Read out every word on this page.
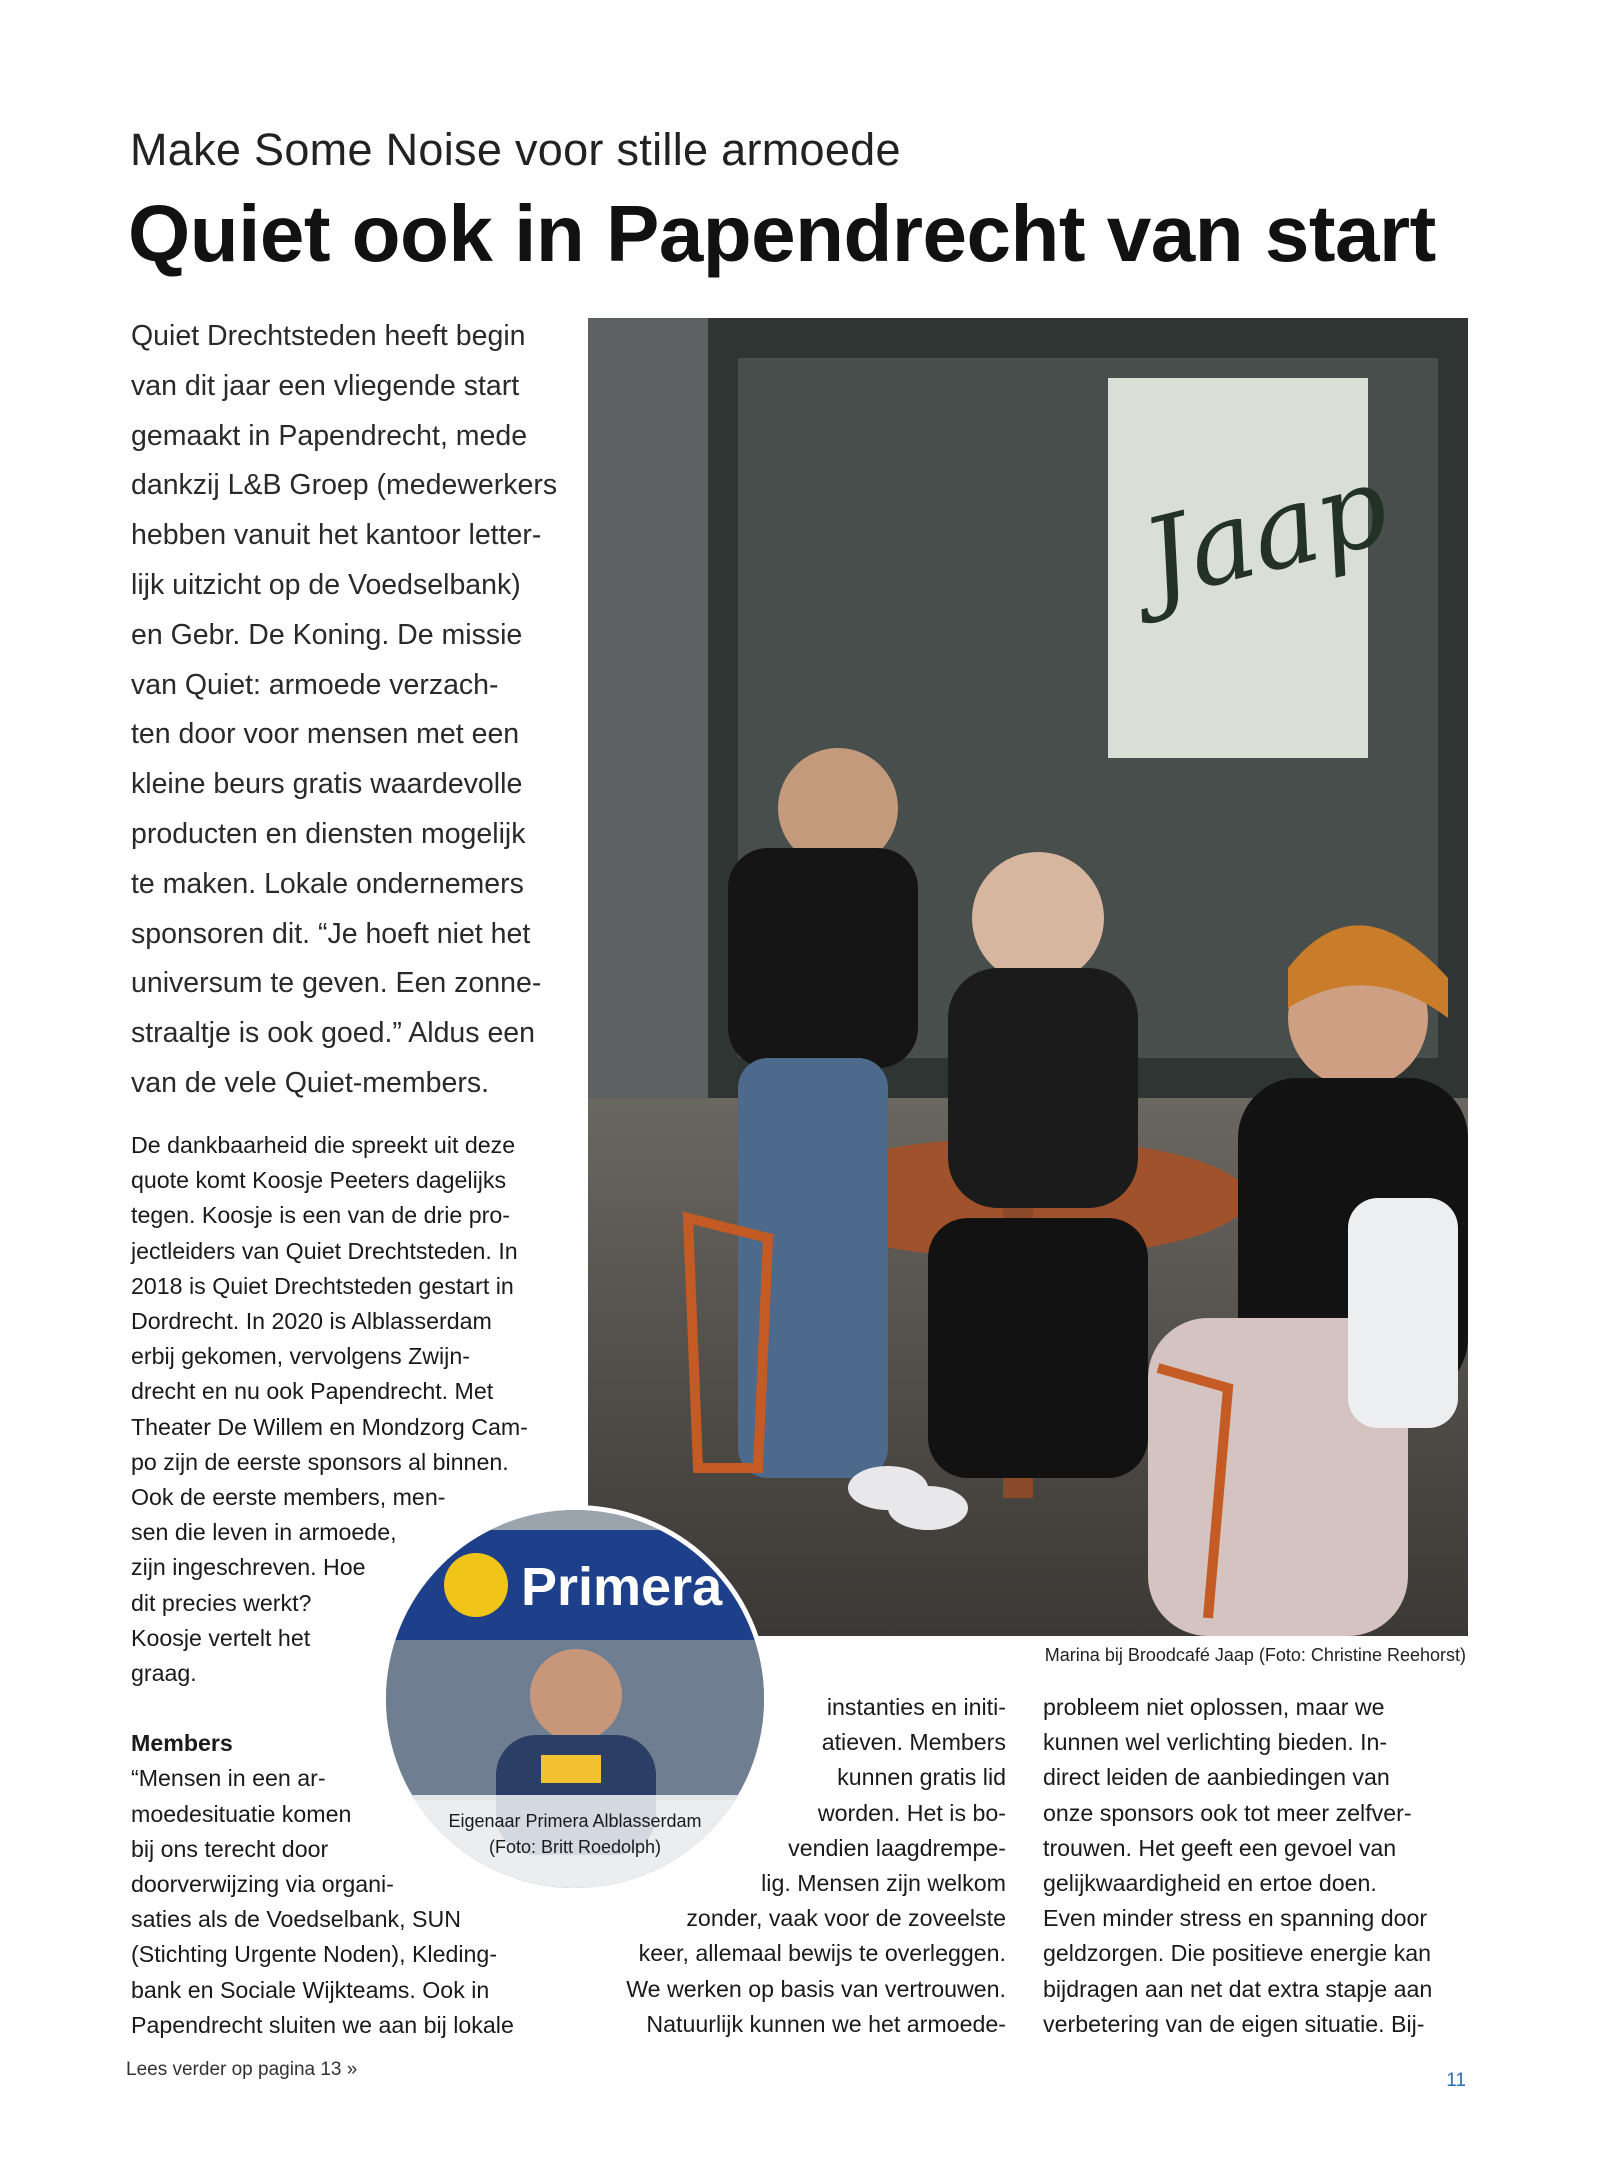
Make Some Noise voor stille armoede
Quiet ook in Papendrecht van start
Quiet Drechtsteden heeft begin
van dit jaar een vliegende start
gemaakt in Papendrecht, mede
dankzij L&B Groep (medewerkers
hebben vanuit het kantoor letter-
lijk uitzicht op de Voedselbank)
en Gebr. De Koning. De missie
van Quiet: armoede verzach-
ten door voor mensen met een
kleine beurs gratis waardevolle
producten en diensten mogelijk
te maken. Lokale ondernemers
sponsoren dit. “Je hoeft niet het
universum te geven. Een zonne-
straaltje is ook goed.” Aldus een
van de vele Quiet-members.
Jaap
Marina bij Broodcafé Jaap (Foto: Christine Reehorst)
De dankbaarheid die spreekt uit deze
quote komt Koosje Peeters dagelijks
tegen. Koosje is een van de drie pro-
jectleiders van Quiet Drechtsteden. In
2018 is Quiet Drechtsteden gestart in
Dordrecht. In 2020 is Alblasserdam
erbij gekomen, vervolgens Zwijn-
drecht en nu ook Papendrecht. Met
Theater De Willem en Mondzorg Cam-
po zijn de eerste sponsors al binnen.
Ook de eerste members, men-
sen die leven in armoede,
zijn ingeschreven. Hoe
dit precies werkt?
Koosje vertelt het
graag.
Members
“Mensen in een ar-
moedesituatie komen
bij ons terecht door
doorverwijzing via organi-
saties als de Voedselbank, SUN
(Stichting Urgente Noden), Kleding-
bank en Sociale Wijkteams. Ook in
Papendrecht sluiten we aan bij lokale
instanties en initi-
atieven. Members
kunnen gratis lid
worden. Het is bo-
vendien laagdrempe-
lig. Mensen zijn welkom
zonder, vaak voor de zoveelste
keer, allemaal bewijs te overleggen.
We werken op basis van vertrouwen.
Natuurlijk kunnen we het armoede-
probleem niet oplossen, maar we
kunnen wel verlichting bieden. In-
direct leiden de aanbiedingen van
onze sponsors ook tot meer zelfver-
trouwen. Het geeft een gevoel van
gelijkwaardigheid en ertoe doen.
Even minder stress en spanning door
geldzorgen. Die positieve energie kan
bijdragen aan net dat extra stapje aan
verbetering van de eigen situatie. Bij-
Primera
Eigenaar Primera Alblasserdam
(Foto: Britt Roedolph)
Lees verder op pagina 13 »
11
